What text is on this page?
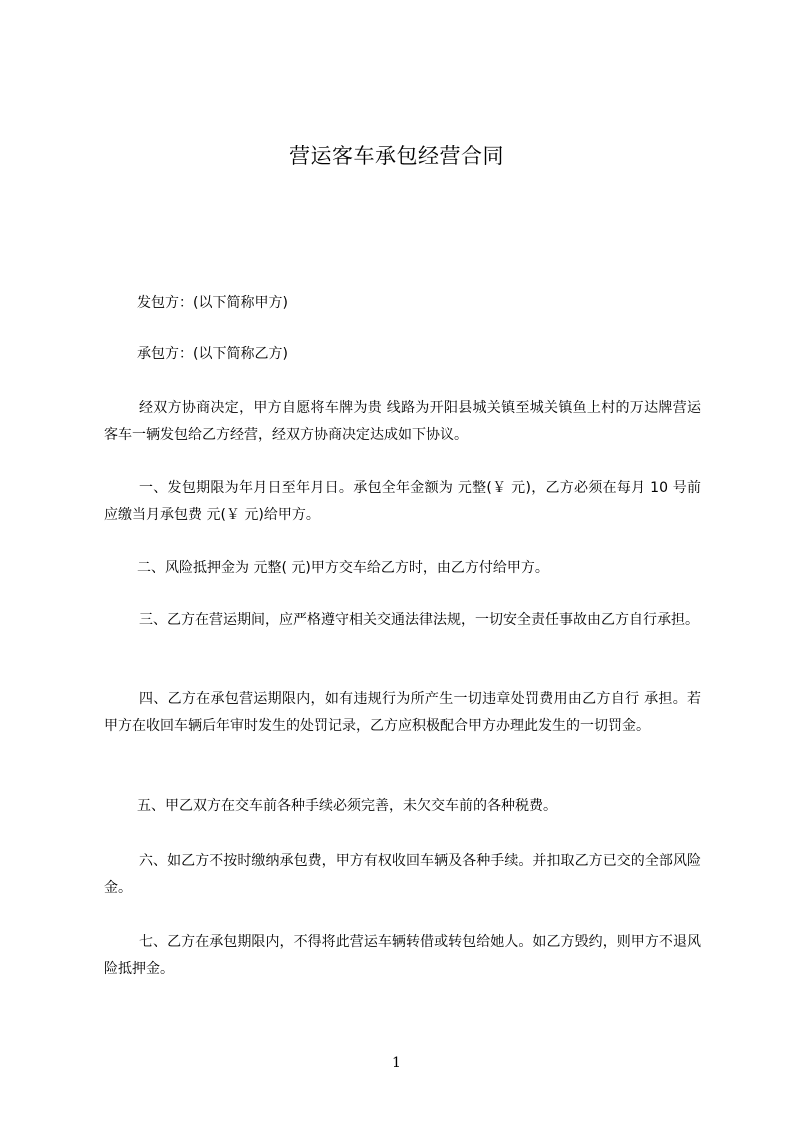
营运客车承包经营合同
发包方：(以下简称甲方)
承包方：(以下简称乙方)
经双方协商决定，甲方自愿将车牌为贵 线路为开阳县城关镇至城关镇鱼上村的万达牌营运客车一辆发包给乙方经营，经双方协商决定达成如下协议。
一、发包期限为年月日至年月日。承包全年金额为 元整(￥ 元)，乙方必须在每月 10 号前应缴当月承包费 元(￥ 元)给甲方。
二、风险抵押金为 元整( 元)甲方交车给乙方时，由乙方付给甲方。
三、乙方在营运期间，应严格遵守相关交通法律法规，一切安全责任事故由乙方自行承担。
四、乙方在承包营运期限内，如有违规行为所产生一切违章处罚费用由乙方自行 承担。若甲方在收回车辆后年审时发生的处罚记录，乙方应积极配合甲方办理此发生的一切罚金。
五、甲乙双方在交车前各种手续必须完善，未欠交车前的各种税费。
六、如乙方不按时缴纳承包费，甲方有权收回车辆及各种手续。并扣取乙方已交的全部风险金。
七、乙方在承包期限内，不得将此营运车辆转借或转包给她人。如乙方毁约，则甲方不退风险抵押金。
1
